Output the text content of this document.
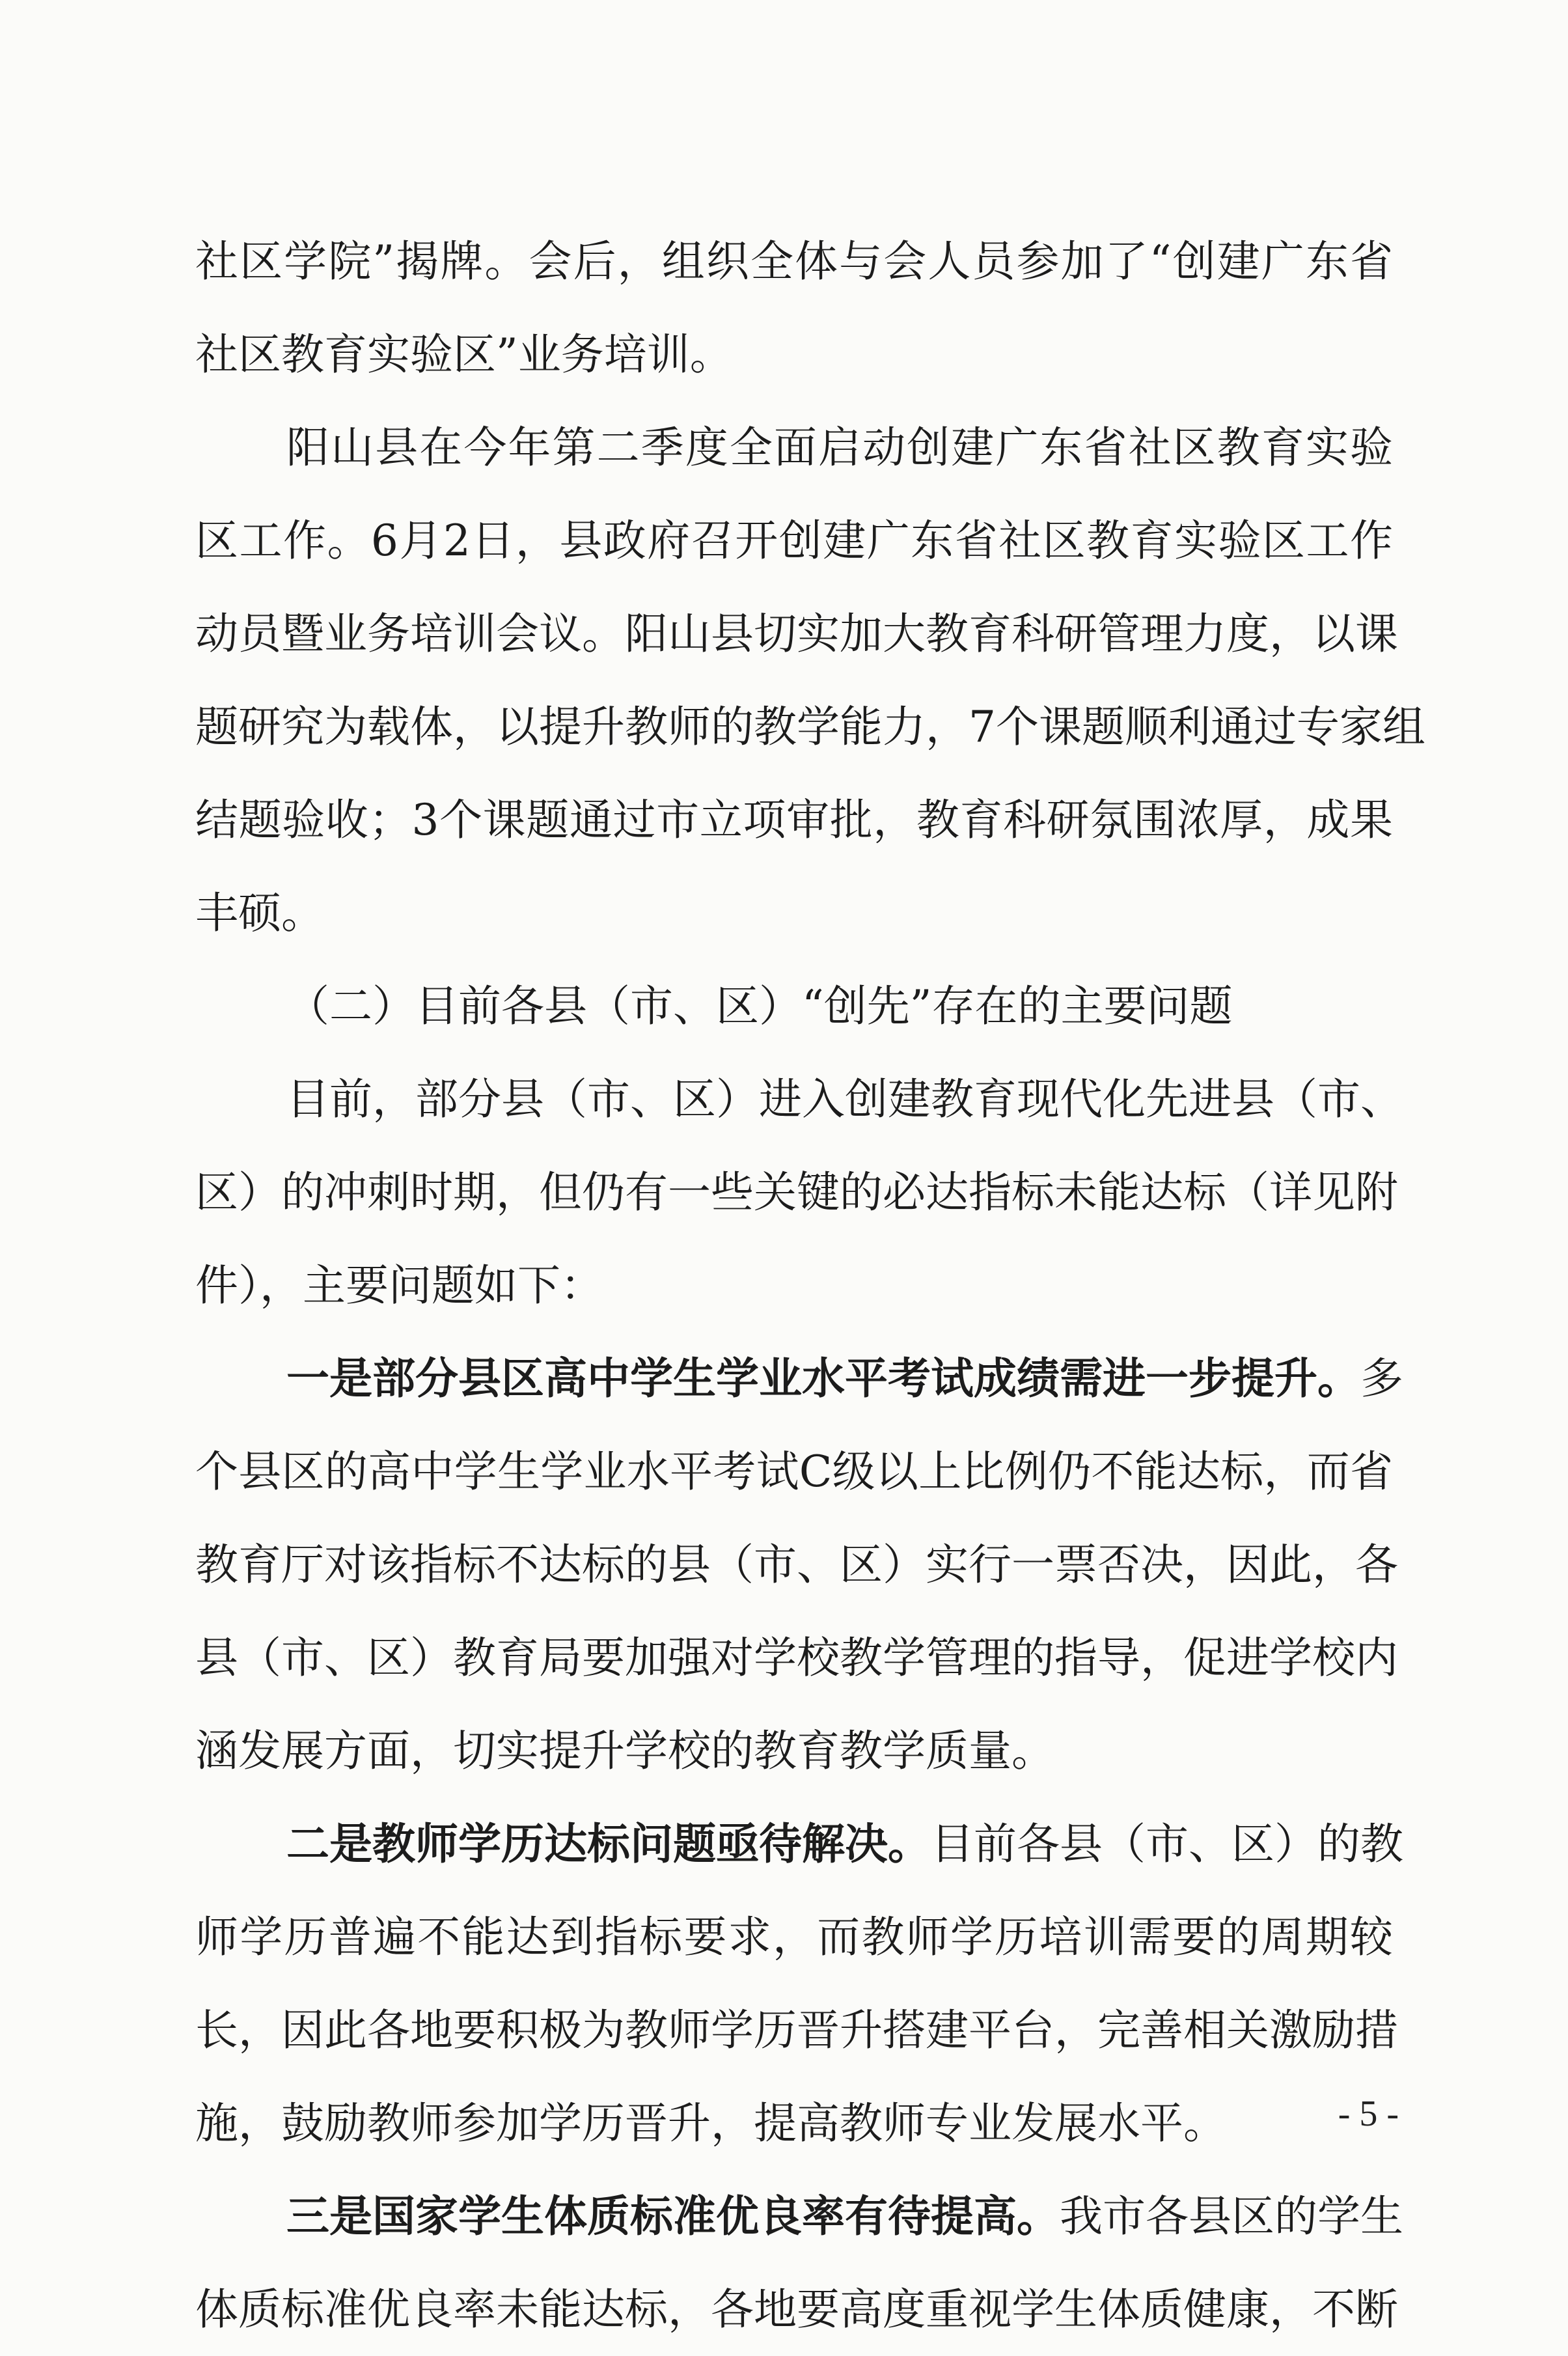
社区学院”揭牌。会后，组织全体与会人员参加了“创建广东省
社区教育实验区”业务培训。
阳山县在今年第二季度全面启动创建广东省社区教育实验
区工作。6月2日，县政府召开创建广东省社区教育实验区工作
动员暨业务培训会议。阳山县切实加大教育科研管理力度，以课
题研究为载体，以提升教师的教学能力，7个课题顺利通过专家组
结题验收；3个课题通过市立项审批，教育科研氛围浓厚，成果
丰硕。
（二）目前各县（市、区）“创先”存在的主要问题
目前，部分县（市、区）进入创建教育现代化先进县（市、
区）的冲刺时期，但仍有一些关键的必达指标未能达标（详见附
件），主要问题如下：
一是部分县区高中学生学业水平考试成绩需进一步提升。多
个县区的高中学生学业水平考试C级以上比例仍不能达标，而省
教育厅对该指标不达标的县（市、区）实行一票否决，因此，各
县（市、区）教育局要加强对学校教学管理的指导，促进学校内
涵发展方面，切实提升学校的教育教学质量。
二是教师学历达标问题亟待解决。目前各县（市、区）的教
师学历普遍不能达到指标要求，而教师学历培训需要的周期较
长，因此各地要积极为教师学历晋升搭建平台，完善相关激励措
施，鼓励教师参加学历晋升，提高教师专业发展水平。
三是国家学生体质标准优良率有待提高。我市各县区的学生
体质标准优良率未能达标，各地要高度重视学生体质健康，不断
- 5 -
